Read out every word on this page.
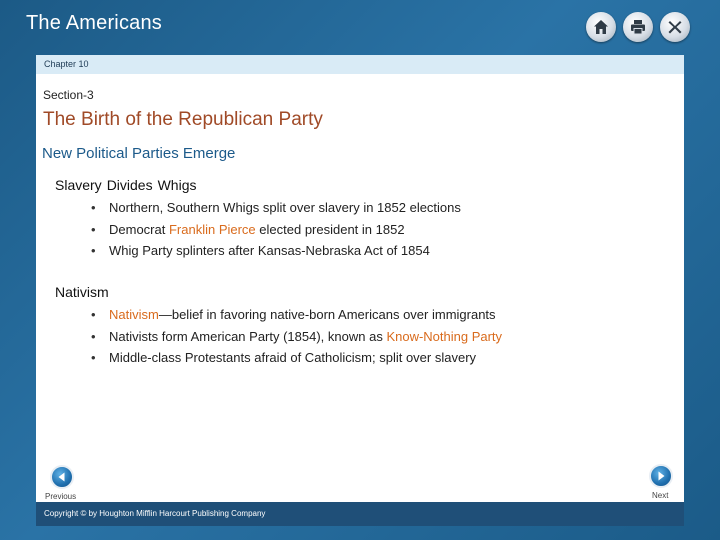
The Americans
Chapter 10
Section-3
The Birth of the Republican Party
New Political Parties Emerge
Slavery Divides Whigs
• Northern, Southern Whigs split over slavery in 1852 elections
• Democrat Franklin Pierce elected president in 1852
• Whig Party splinters after Kansas-Nebraska Act of 1854
Nativism
• Nativism—belief in favoring native-born Americans over immigrants
• Nativists form American Party (1854), known as Know-Nothing Party
• Middle-class Protestants afraid of Catholicism; split over slavery
Previous	Next
Copyright © by Houghton Mifflin Harcourt Publishing Company
